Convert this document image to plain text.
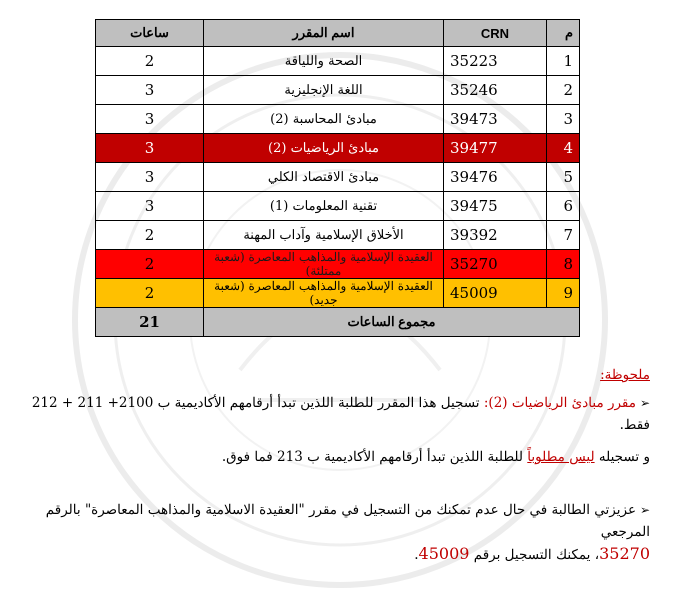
م	CRN	اسم المقرر	ساعات
1	35223	الصحة واللياقة	2
2	35246	اللغة الإنجليزية	3
3	39473	مبادئ المحاسبة (2)	3
4	39477	مبادئ الرياضيات (2)	3
5	39476	مبادئ الاقتصاد الكلي	3
6	39475	تقنية المعلومات (1)	3
7	39392	الأخلاق الإسلامية وآداب المهنة	2
8	35270	العقيدة الإسلامية والمذاهب المعاصرة (شعبة ممتلئة)	2
9	45009	العقيدة الإسلامية والمذاهب المعاصرة (شعبة جديد)	2
مجموع الساعات			21
ملحوظة:
➢مقرر مبادئ الرياضيات (2): تسجيل هذا المقرر للطلبة اللذين تبدأ أرقامهم الأكاديمية ب 2100+ 211 + 212
فقط.
و تسجيله ليس مطلوباً للطلبة اللذين تبدأ أرقامهم الأكاديمية ب 213 فما فوق.
➢عزيزتي الطالبة في حال عدم تمكنك من التسجيل في مقرر "العقيدة الاسلامية والمذاهب المعاصرة" بالرقم المرجعي
35270، يمكنك التسجيل برقم 45009.
